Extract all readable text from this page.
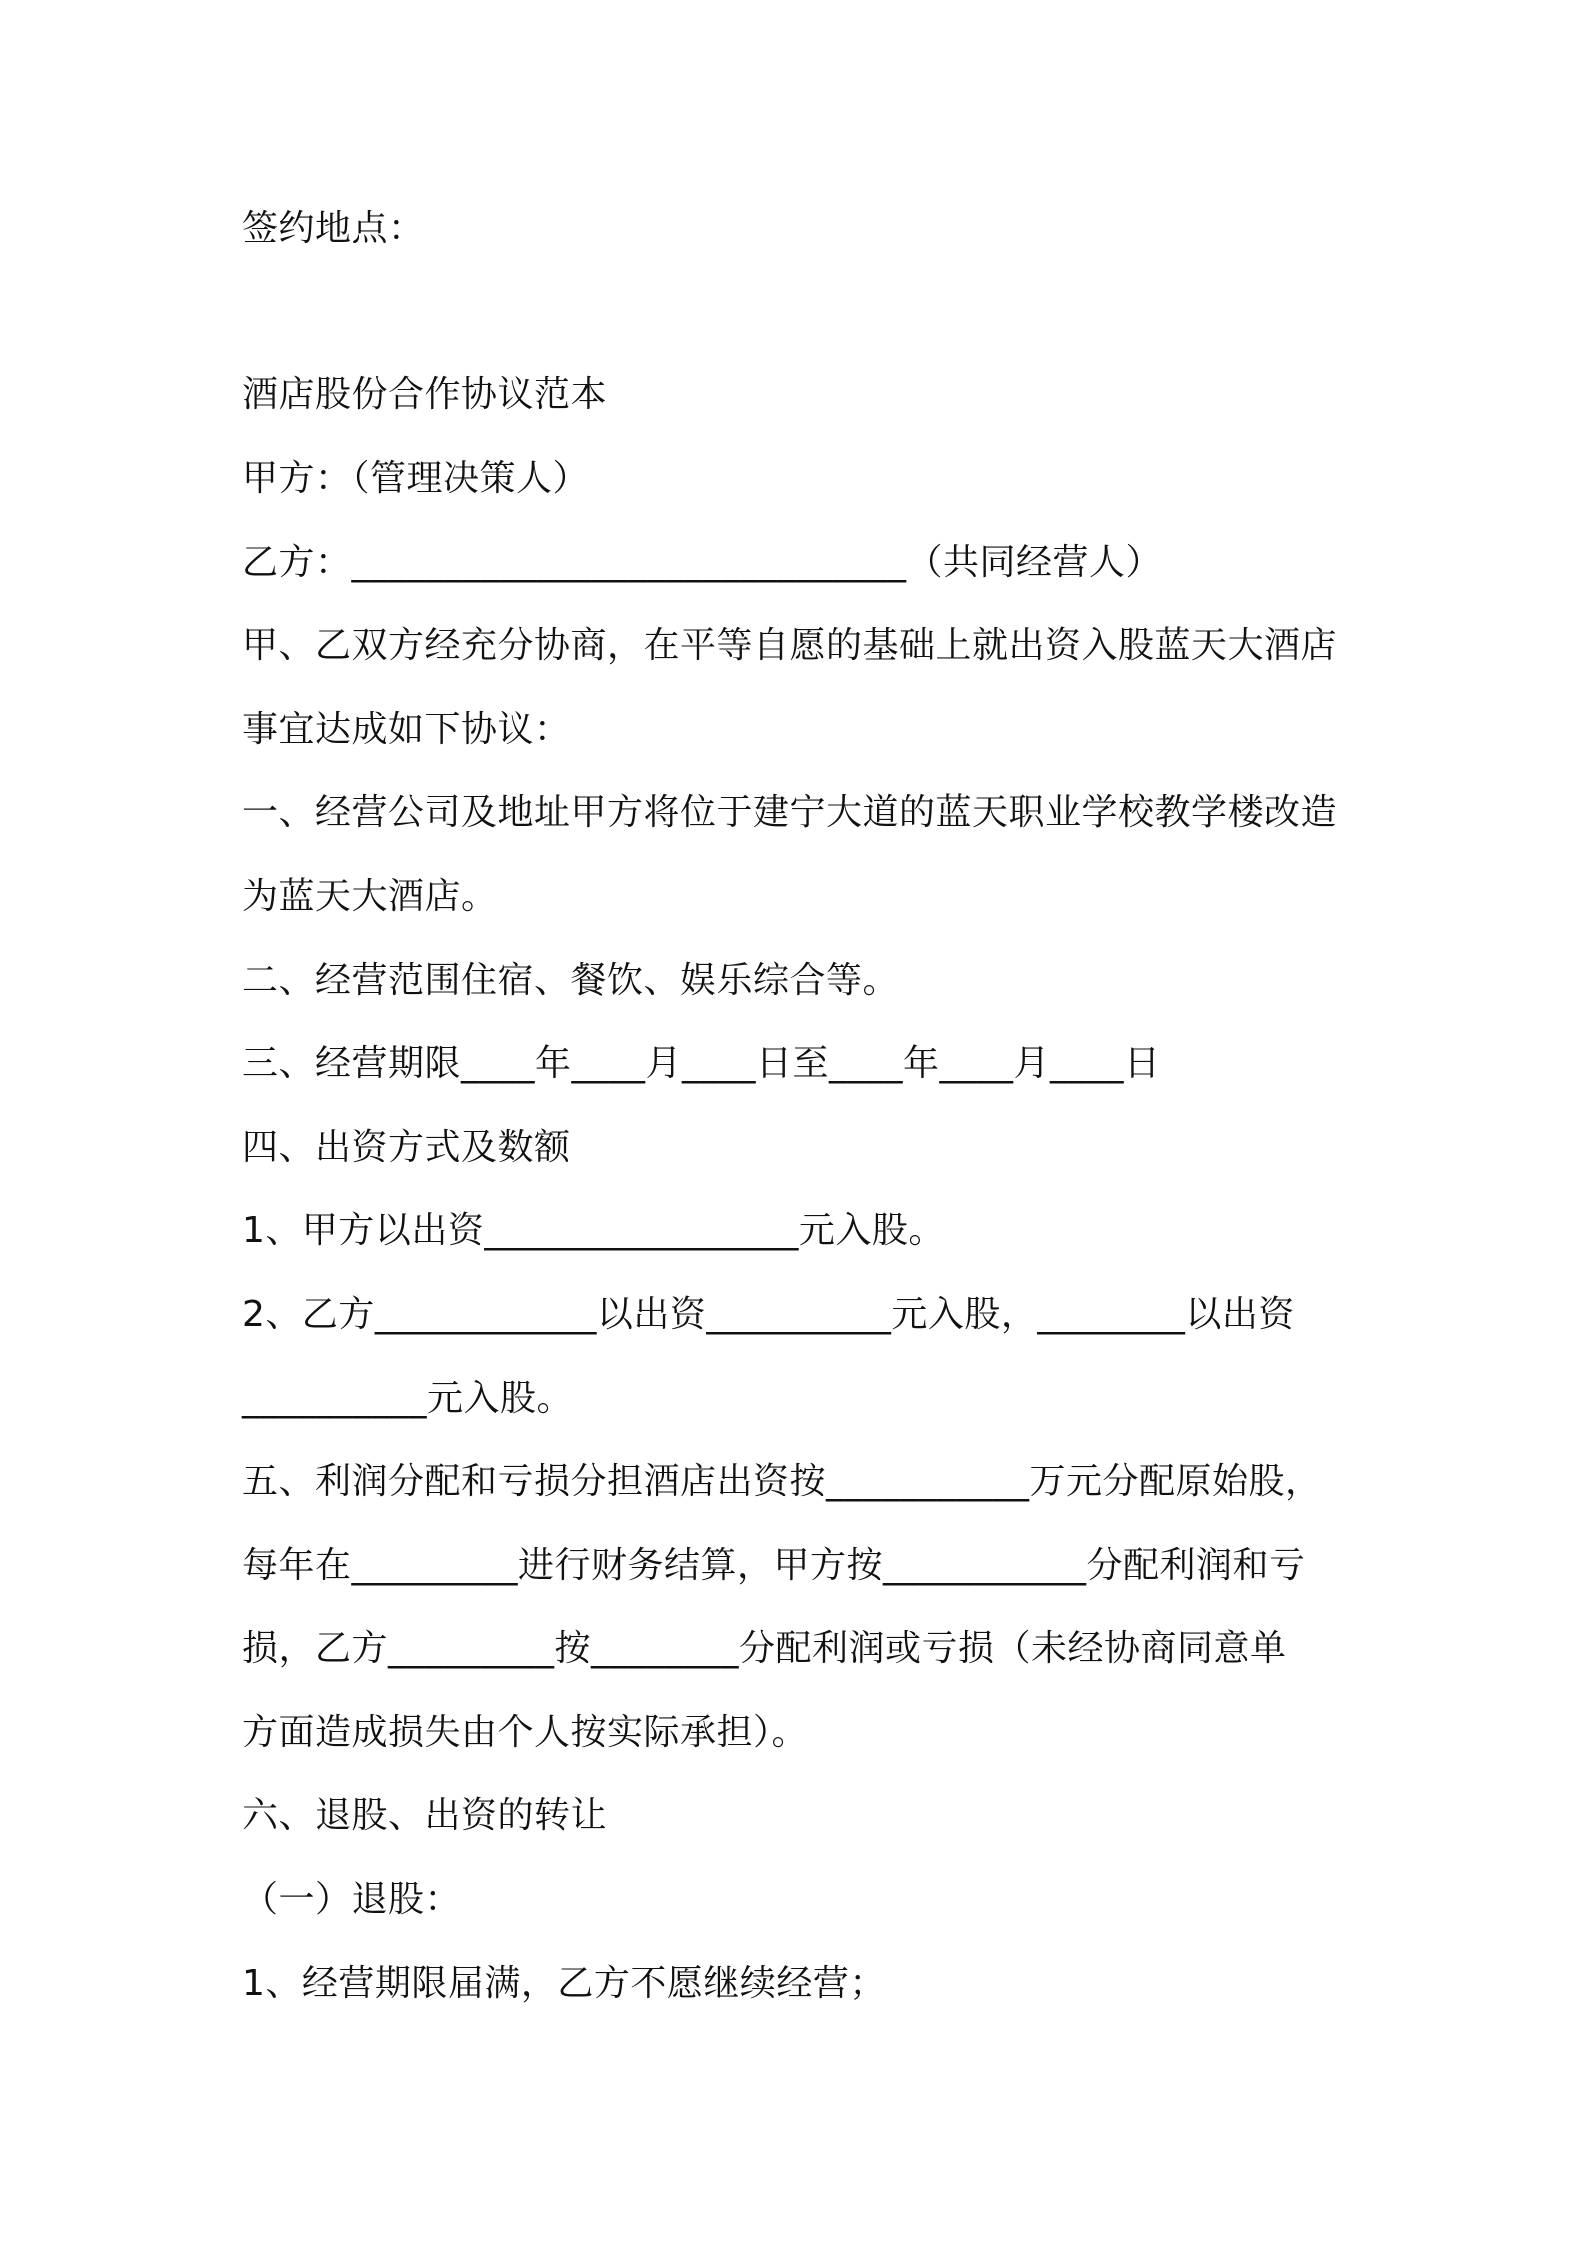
签约地点：
酒店股份合作协议范本
甲方：（管理决策人）
乙方：______________________________（共同经营人）
甲、乙双方经充分协商，在平等自愿的基础上就出资入股蓝天大酒店
事宜达成如下协议：
一、经营公司及地址甲方将位于建宁大道的蓝天职业学校教学楼改造
为蓝天大酒店。
二、经营范围住宿、餐饮、娱乐综合等。
三、经营期限____年____月____日至____年____月____日
四、出资方式及数额
1、甲方以出资_________________元入股。
2、乙方____________以出资__________元入股，________以出资
__________元入股。
五、利润分配和亏损分担酒店出资按___________万元分配原始股，
每年在_________进行财务结算，甲方按___________分配利润和亏
损，乙方_________按________分配利润或亏损（未经协商同意单
方面造成损失由个人按实际承担）。
六、退股、出资的转让
（一）退股：
1、经营期限届满，乙方不愿继续经营；
